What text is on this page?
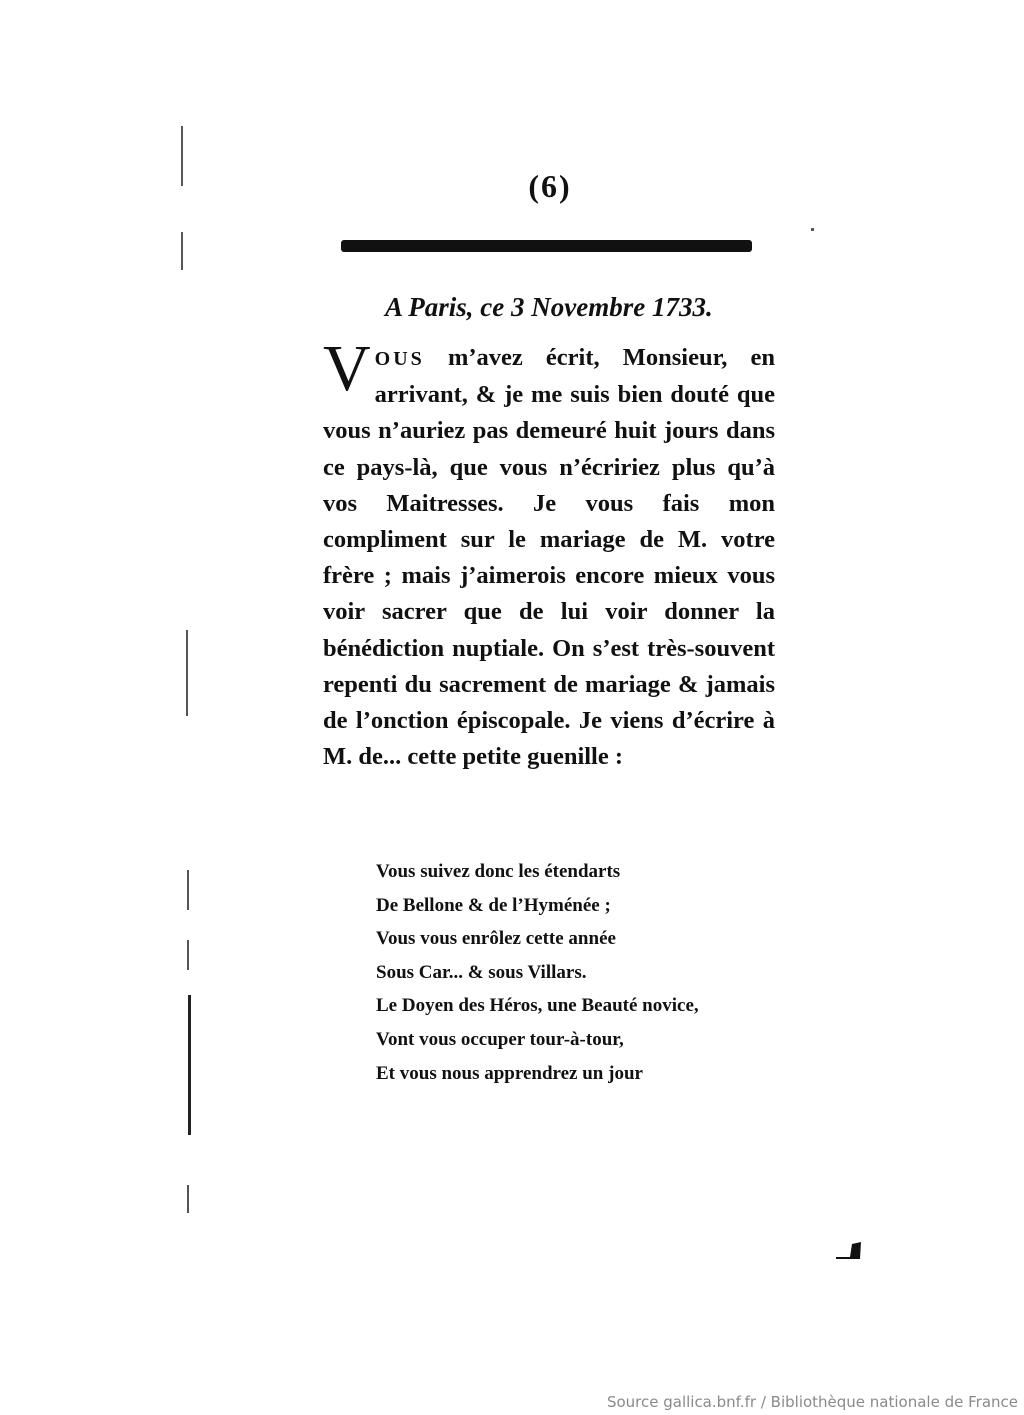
(6)
A Paris, ce 3 Novembre 1733.

VOUS m’avez écrit, Monsieur, en arrivant, & je me suis bien douté que vous n’auriez pas demeuré huit jours dans ce pays-là, que vous n’écririez plus qu’à vos Maitresses. Je vous fais mon compliment sur le mariage de M. votre frère ; mais j’aimerois encore mieux vous voir sacrer que de lui voir donner la bénédiction nuptiale. On s’est très-souvent repenti du sacrement de mariage & jamais de l’onction épiscopale. Je viens d’écrire à M. de... cette petite guenille :

Vous suivez donc les étendarts
De Bellone & de l’Hyménée ;
Vous vous enrôlez cette année
Sous Car... & sous Villars.
Le Doyen des Héros, une Beauté novice,
Vont vous occuper tour-à-tour,
Et vous nous apprendrez un jour
Source gallica.bnf.fr / Bibliothèque nationale de France
